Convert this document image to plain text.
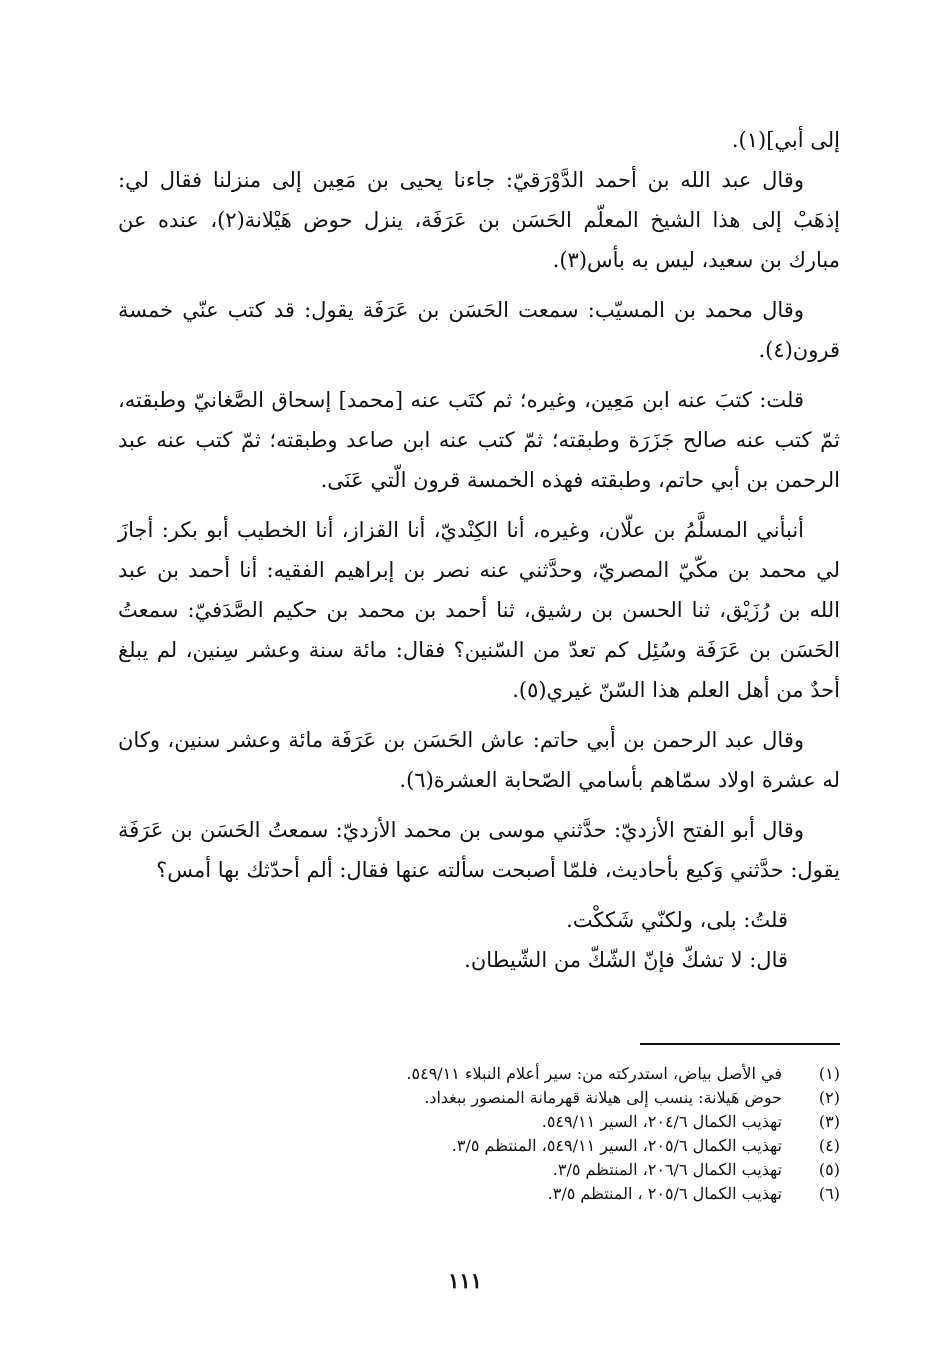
إلى أبي](١).

وقال عبد الله بن أحمد الدَّوْرَقيّ: جاءنا يحيى بن مَعِين إلى منزلنا فقال لي: إذهَبْ إلى هذا الشيخ المعلّم الحَسَن بن عَرَفَة، ينزل حوض هَيْلانة(٢)، عنده عن مبارك بن سعيد، ليس به بأس(٣).

وقال محمد بن المسيّب: سمعت الحَسَن بن عَرَفَة يقول: قد كتب عنّي خمسة قرون(٤).

قلت: كتبَ عنه ابن مَعِين، وغيره؛ ثم كتَب عنه [محمد] إسحاق الصَّغانيّ وطبقته، ثمّ كتب عنه صالح جَزَرَة وطبقته؛ ثمّ كتب عنه ابن صاعد وطبقته؛ ثمّ كتب عنه عبد الرحمن بن أبي حاتم، وطبقته فهذه الخمسة قرون الّتي عَنَى.

أنبأني المسلَّمُ بن علّان، وغيره، أنا الكِنْديّ، أنا القزاز، أنا الخطيب أبو بكر: أجازَ لي محمد بن مكّيّ المصريّ، وحدَّثني عنه نصر بن إبراهيم الفقيه: أنا أحمد بن عبد الله بن رُزَيْق، ثنا الحسن بن رشيق، ثنا أحمد بن محمد بن حكيم الصَّدَفيّ: سمعتُ الحَسَن بن عَرَفَة وسُئِل كم تعدّ من السّنين؟ فقال: مائة سنة وعشر سِنين، لم يبلغ أحدٌ من أهل العلم هذا السّنّ غيري(٥).

وقال عبد الرحمن بن أبي حاتم: عاش الحَسَن بن عَرَفَة مائة وعشر سنين، وكان له عشرة اولاد سمّاهم بأسامي الصّحابة العشرة(٦).

وقال أبو الفتح الأزديّ: حدَّثني موسى بن محمد الأزديّ: سمعتُ الحَسَن بن عَرَفَة يقول: حدَّثني وَكيع بأحاديث، فلمّا أصبحت سألته عنها فقال: ألم أحدّثك بها أمس؟

قلتُ: بلى، ولكنّي شَككْت.

قال: لا تشكّ فإنّ الشّكّ من الشّيطان.

(١)
في الأصل بياض، استدركته من: سير أعلام النبلاء ٥٤٩/١١.
(٢)
حوض هَيلانة: ينسب إلى هيلانة قهرمانة المنصور ببغداد.
(٣)
تهذيب الكمال ٢٠٤/٦، السير ٥٤٩/١١.
(٤)
تهذيب الكمال ٢٠٥/٦، السير ٥٤٩/١١، المنتظم ٣/٥.
(٥)
تهذيب الكمال ٢٠٦/٦، المنتظم ٣/٥.
(٦)
تهذيب الكمال ٢٠٥/٦ ، المنتظم ٣/٥.
١١١
